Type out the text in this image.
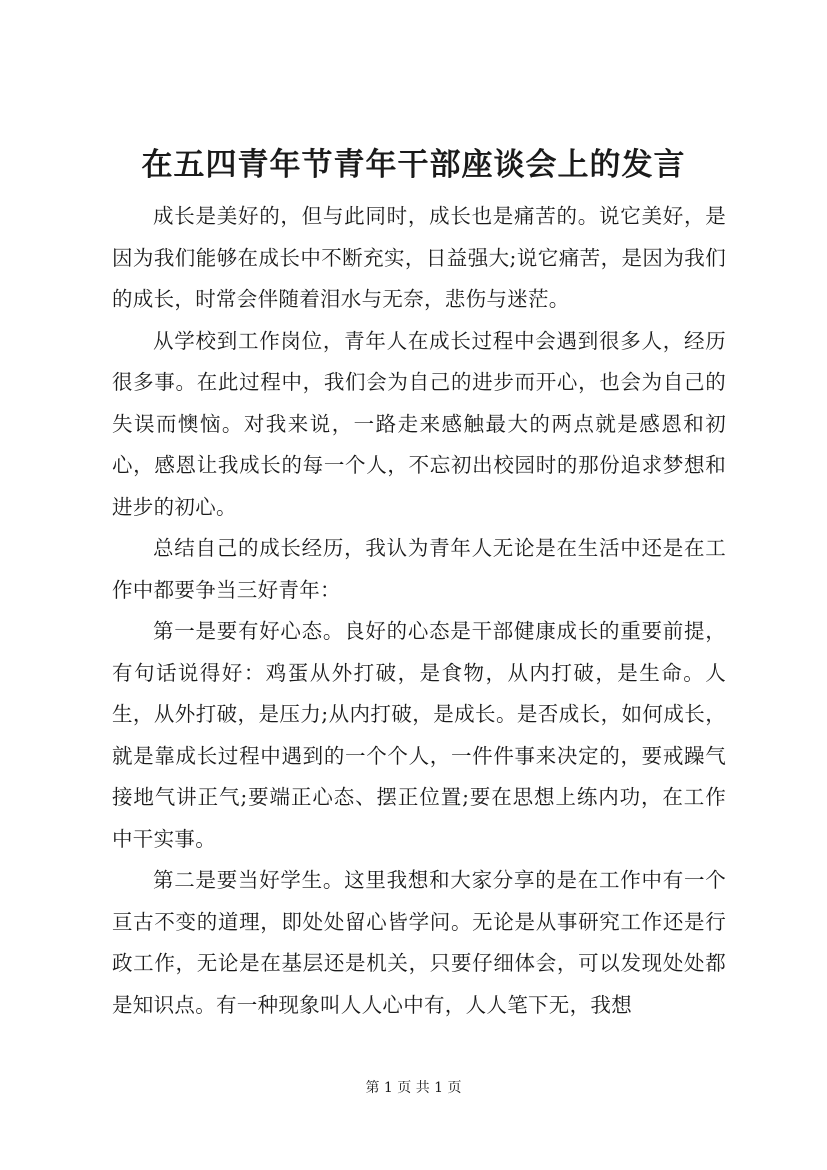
在五四青年节青年干部座谈会上的发言

成长是美好的，但与此同时，成长也是痛苦的。说它美好，是因为我们能够在成长中不断充实，日益强大;说它痛苦，是因为我们的成长，时常会伴随着泪水与无奈，悲伤与迷茫。

从学校到工作岗位，青年人在成长过程中会遇到很多人，经历很多事。在此过程中，我们会为自己的进步而开心，也会为自己的失误而懊恼。对我来说，一路走来感触最大的两点就是感恩和初心，感恩让我成长的每一个人，不忘初出校园时的那份追求梦想和进步的初心。

总结自己的成长经历，我认为青年人无论是在生活中还是在工作中都要争当三好青年：

第一是要有好心态。良好的心态是干部健康成长的重要前提，有句话说得好：鸡蛋从外打破，是食物，从内打破，是生命。人生，从外打破，是压力;从内打破，是成长。是否成长，如何成长，就是靠成长过程中遇到的一个个人，一件件事来决定的，要戒躁气接地气讲正气;要端正心态、摆正位置;要在思想上练内功，在工作中干实事。

第二是要当好学生。这里我想和大家分享的是在工作中有一个亘古不变的道理，即处处留心皆学问。无论是从事研究工作还是行政工作，无论是在基层还是机关，只要仔细体会，可以发现处处都是知识点。有一种现象叫人人心中有，人人笔下无，我想

第 1 页 共 1 页
